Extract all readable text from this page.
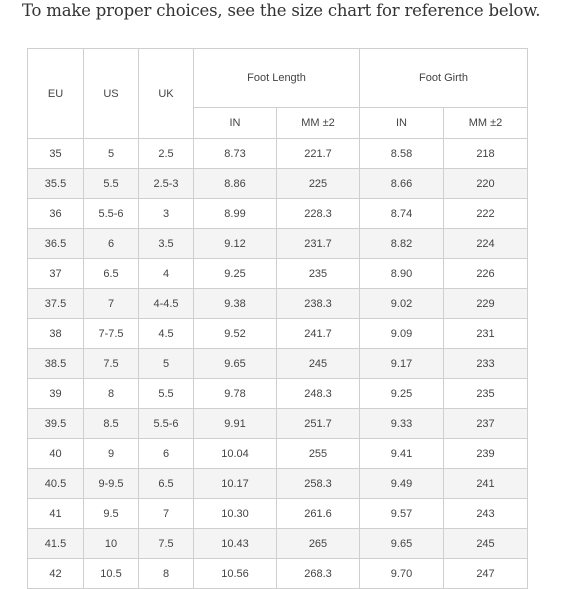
To make proper choices, see the size chart for reference below.
EU	US	UK	Foot Length		Foot Girth	
			IN	MM ±2	IN	MM ±2
35	5	2.5	8.73	221.7	8.58	218
35.5	5.5	2.5-3	8.86	225	8.66	220
36	5.5-6	3	8.99	228.3	8.74	222
36.5	6	3.5	9.12	231.7	8.82	224
37	6.5	4	9.25	235	8.90	226
37.5	7	4-4.5	9.38	238.3	9.02	229
38	7-7.5	4.5	9.52	241.7	9.09	231
38.5	7.5	5	9.65	245	9.17	233
39	8	5.5	9.78	248.3	9.25	235
39.5	8.5	5.5-6	9.91	251.7	9.33	237
40	9	6	10.04	255	9.41	239
40.5	9-9.5	6.5	10.17	258.3	9.49	241
41	9.5	7	10.30	261.6	9.57	243
41.5	10	7.5	10.43	265	9.65	245
42	10.5	8	10.56	268.3	9.70	247
